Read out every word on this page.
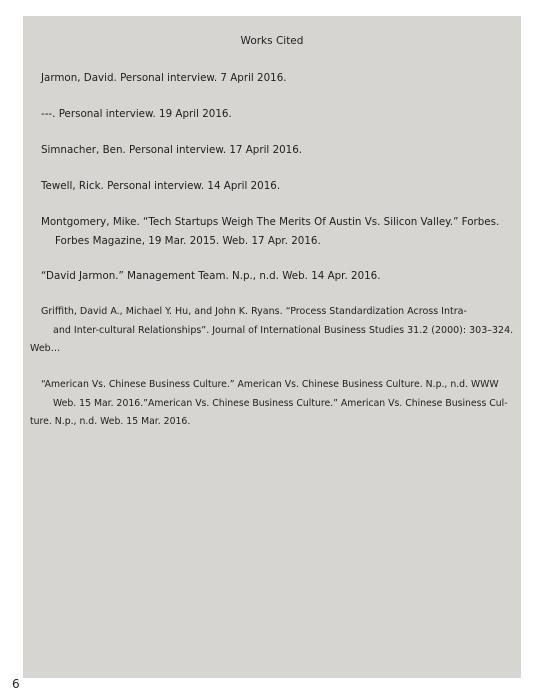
Works Cited
Jarmon, David. Personal interview. 7 April 2016.
---. Personal interview. 19 April 2016.
Simnacher, Ben. Personal interview. 17 April 2016.
Tewell, Rick. Personal interview. 14 April 2016.
Montgomery, Mike. “Tech Startups Weigh The Merits Of Austin Vs. Silicon Valley.” Forbes.
Forbes Magazine, 19 Mar. 2015. Web. 17 Apr. 2016.
“David Jarmon.” Management Team. N.p., n.d. Web. 14 Apr. 2016.
Griffith, David A., Michael Y. Hu, and John K. Ryans. “Process Standardization Across Intra-
and Inter-cultural Relationships”. Journal of International Business Studies 31.2 (2000): 303–324.
Web…
“American Vs. Chinese Business Culture.” American Vs. Chinese Business Culture. N.p., n.d. WWW
Web. 15 Mar. 2016.”American Vs. Chinese Business Culture.” American Vs. Chinese Business Cul-
ture. N.p., n.d. Web. 15 Mar. 2016.
6
